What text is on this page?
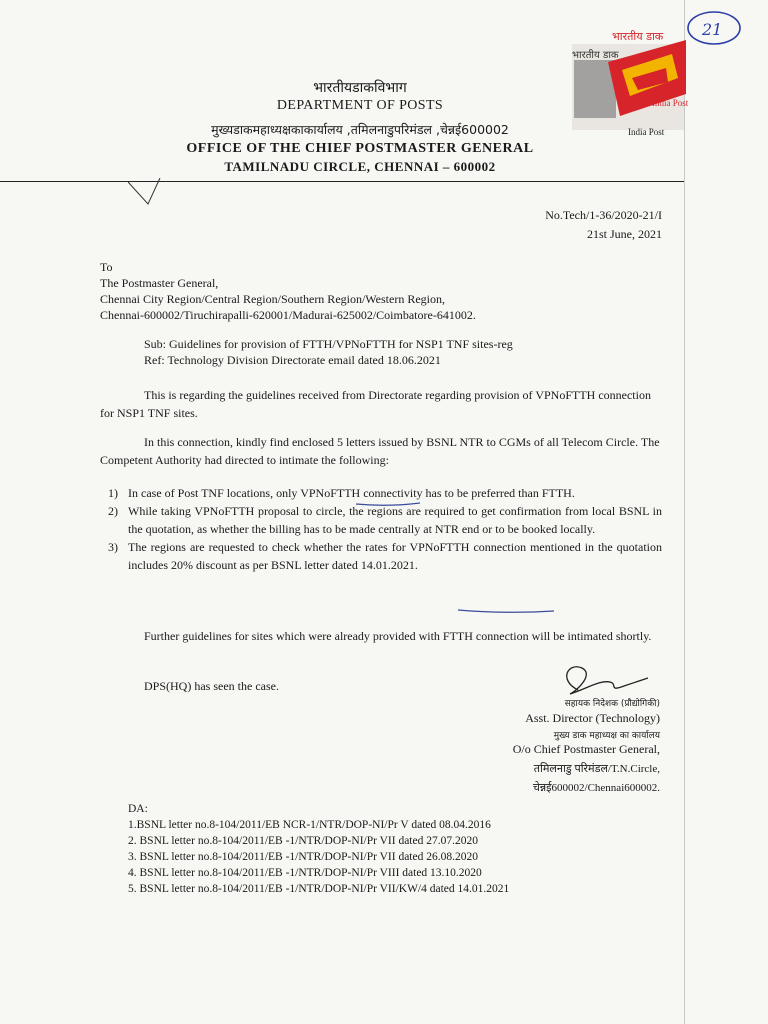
भारतीय डाक
भारतीय डाक
India Post
India Post
21
भारतीयडाकविभाग
DEPARTMENT OF POSTS
मुख्यडाकमहाध्यक्षकाकार्यालय ,तमिलनाडुपरिमंडल ,चेन्नई600002
OFFICE OF THE CHIEF POSTMASTER GENERAL
TAMILNADU CIRCLE, CHENNAI – 600002
No.Tech/1-36/2020-21/I
21st June, 2021
To
The Postmaster General,
Chennai City Region/Central Region/Southern Region/Western Region,
Chennai-600002/Tiruchirapalli-620001/Madurai-625002/Coimbatore-641002.
Sub: Guidelines for provision of FTTH/VPNoFTTH for NSP1 TNF sites-reg
Ref: Technology Division Directorate email dated 18.06.2021
This is regarding the guidelines received from Directorate regarding provision of VPNoFTTH connection for NSP1 TNF sites.
In this connection, kindly find enclosed 5 letters issued by BSNL NTR to CGMs of all Telecom Circle. The Competent Authority had directed to intimate the following:
1) In case of Post TNF locations, only VPNoFTTH connectivity has to be preferred than FTTH.
2) While taking VPNoFTTH proposal to circle, the regions are required to get confirmation from local BSNL in the quotation, as whether the billing has to be made centrally at NTR end or to be booked locally.
3) The regions are requested to check whether the rates for VPNoFTTH connection mentioned in the quotation includes 20% discount as per BSNL letter dated 14.01.2021.
Further guidelines for sites which were already provided with FTTH connection will be intimated shortly.
DPS(HQ) has seen the case.
सहायक निदेशक (प्रौद्योगिकी)
Asst. Director (Technology)
मुख्य डाक महाध्यक्ष का कार्यालय
O/o Chief Postmaster General,
तमिलनाडु परिमंडल/T.N.Circle,
चेन्नई600002/Chennai600002.
DA:
1.BSNL letter no.8-104/2011/EB NCR-1/NTR/DOP-NI/Pr V dated 08.04.2016
2. BSNL letter no.8-104/2011/EB -1/NTR/DOP-NI/Pr VII dated 27.07.2020
3. BSNL letter no.8-104/2011/EB -1/NTR/DOP-NI/Pr VII dated 26.08.2020
4. BSNL letter no.8-104/2011/EB -1/NTR/DOP-NI/Pr VIII dated 13.10.2020
5. BSNL letter no.8-104/2011/EB -1/NTR/DOP-NI/Pr VII/KW/4 dated 14.01.2021
